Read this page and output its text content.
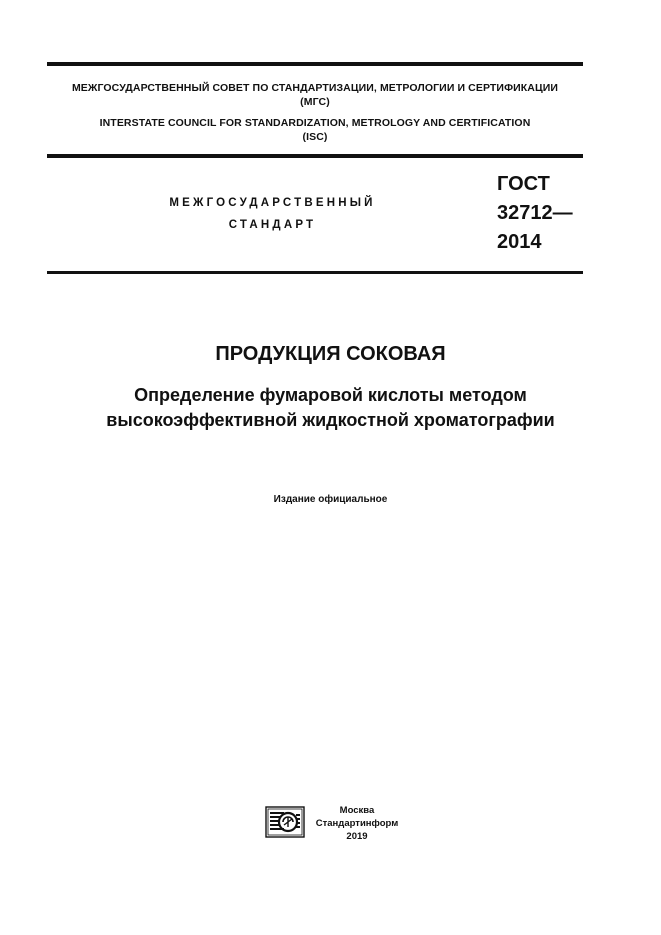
МЕЖГОСУДАРСТВЕННЫЙ СОВЕТ ПО СТАНДАРТИЗАЦИИ, МЕТРОЛОГИИ И СЕРТИФИКАЦИИ
(МГС)
INTERSTATE COUNCIL FOR STANDARDIZATION, METROLOGY AND CERTIFICATION
(ISC)
МЕЖГОСУДАРСТВЕННЫЙ
СТАНДАРТ
ГОСТ
32712—
2014
ПРОДУКЦИЯ СОКОВАЯ
Определение фумаровой кислоты методом
высокоэффективной жидкостной хроматографии
Издание официальное
Москва
Стандартинформ
2019
